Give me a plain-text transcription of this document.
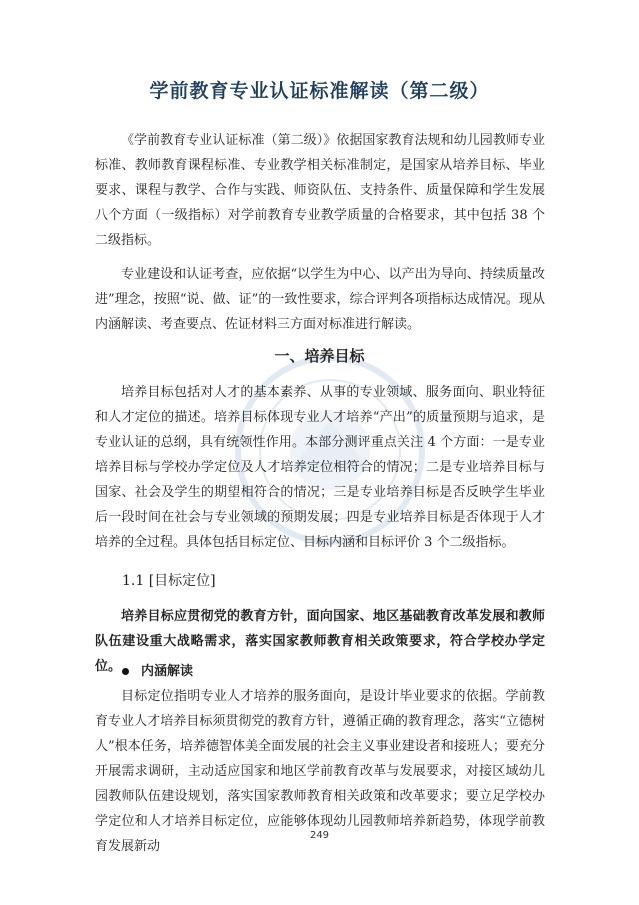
学前教育专业认证标准解读（第二级）

《学前教育专业认证标准（第二级）》依据国家教育法规和幼儿园教师专业标准、教师教育课程标准、专业教学相关标准制定，是国家从培养目标、毕业要求、课程与教学、合作与实践、师资队伍、支持条件、质量保障和学生发展八个方面（一级指标）对学前教育专业教学质量的合格要求，其中包括 38 个二级指标。

专业建设和认证考查，应依据“以学生为中心、以产出为导向、持续质量改进”理念，按照“说、做、证”的一致性要求，综合评判各项指标达成情况。现从内涵解读、考查要点、佐证材料三方面对标准进行解读。

一、培养目标

培养目标包括对人才的基本素养、从事的专业领域、服务面向、职业特征和人才定位的描述。培养目标体现专业人才培养“产出”的质量预期与追求，是专业认证的总纲，具有统领性作用。本部分测评重点关注 4 个方面：一是专业培养目标与学校办学定位及人才培养定位相符合的情况；二是专业培养目标与国家、社会及学生的期望相符合的情况；三是专业培养目标是否反映学生毕业后一段时间在社会与专业领域的预期发展；四是专业培养目标是否体现于人才培养的全过程。具体包括目标定位、目标内涵和目标评价 3 个二级指标。

1.1 [目标定位]

培养目标应贯彻党的教育方针，面向国家、地区基础教育改革发展和教师队伍建设重大战略需求，落实国家教师教育相关政策要求，符合学校办学定位。	内涵解读

目标定位指明专业人才培养的服务面向，是设计毕业要求的依据。学前教育专业人才培养目标须贯彻党的教育方针，遵循正确的教育理念，落实“立德树人”根本任务，培养德智体美全面发展的社会主义事业建设者和接班人；要充分开展需求调研，主动适应国家和地区学前教育改革与发展要求，对接区域幼儿园教师队伍建设规划，落实国家教师教育相关政策和改革要求；要立足学校办学定位和人才培养目标定位，应能够体现幼儿园教师培养新趋势，体现学前教育发展新动

249
